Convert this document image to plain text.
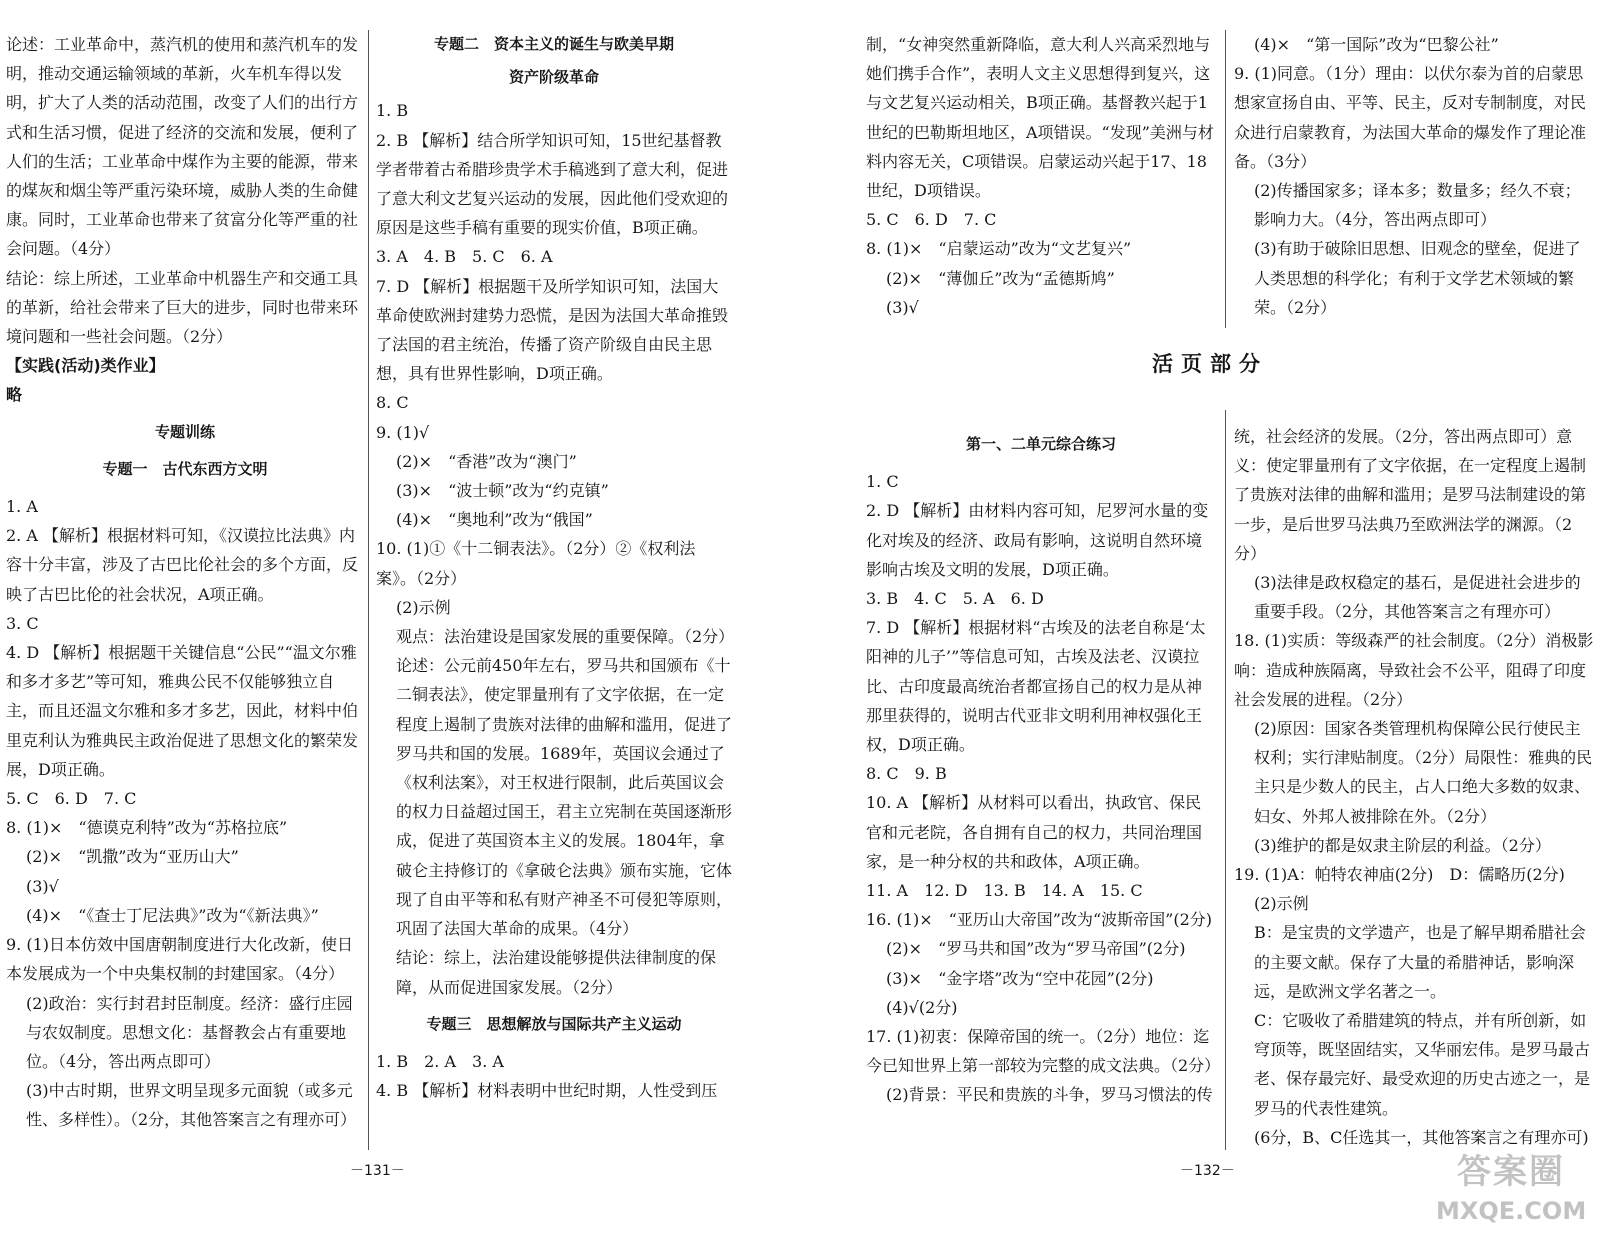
论述：工业革命中，蒸汽机的使用和蒸汽机车的发明，推动交通运输领域的革新，火车机车得以发明，扩大了人类的活动范围，改变了人们的出行方式和生活习惯，促进了经济的交流和发展，便利了人们的生活；工业革命中煤作为主要的能源，带来的煤灰和烟尘等严重污染环境，威胁人类的生命健康。同时，工业革命也带来了贫富分化等严重的社会问题。（4分）

结论：综上所述，工业革命中机器生产和交通工具的革新，给社会带来了巨大的进步，同时也带来环境问题和一些社会问题。（2分）

【实践(活动)类作业】

略

专题训练

专题一　古代东西方文明

1. A

2. A 【解析】根据材料可知，《汉谟拉比法典》内容十分丰富，涉及了古巴比伦社会的多个方面，反映了古巴比伦的社会状况，A项正确。

3. C

4. D 【解析】根据题干关键信息“公民”“温文尔雅和多才多艺”等可知，雅典公民不仅能够独立自主，而且还温文尔雅和多才多艺，因此，材料中伯里克利认为雅典民主政治促进了思想文化的繁荣发展，D项正确。

5. C　6. D　7. C

8. (1)×　“德谟克利特”改为“苏格拉底”

(2)×　“凯撒”改为“亚历山大”

(3)√

(4)×　“《查士丁尼法典》”改为“《新法典》”

9. (1)日本仿效中国唐朝制度进行大化改新，使日本发展成为一个中央集权制的封建国家。（4分）

(2)政治：实行封君封臣制度。经济：盛行庄园与农奴制度。思想文化：基督教会占有重要地位。（4分，答出两点即可）

(3)中古时期，世界文明呈现多元面貌（或多元性、多样性）。（2分，其他答案言之有理亦可）

专题二　资本主义的诞生与欧美早期

资产阶级革命

1. B

2. B 【解析】结合所学知识可知，15世纪基督教学者带着古希腊珍贵学术手稿逃到了意大利，促进了意大利文艺复兴运动的发展，因此他们受欢迎的原因是这些手稿有重要的现实价值，B项正确。

3. A　4. B　5. C　6. A

7. D 【解析】根据题干及所学知识可知，法国大革命使欧洲封建势力恐慌，是因为法国大革命推毁了法国的君主统治，传播了资产阶级自由民主思想，具有世界性影响，D项正确。

8. C

9. (1)√

(2)×　“香港”改为“澳门”

(3)×　“波士顿”改为“约克镇”

(4)×　“奥地利”改为“俄国”

10. (1)①《十二铜表法》。（2分）②《权利法案》。（2分）

(2)示例

观点：法治建设是国家发展的重要保障。（2分）

论述：公元前450年左右，罗马共和国颁布《十二铜表法》，使定罪量刑有了文字依据，在一定程度上遏制了贵族对法律的曲解和滥用，促进了罗马共和国的发展。1689年，英国议会通过了《权利法案》，对王权进行限制，此后英国议会的权力日益超过国王，君主立宪制在英国逐渐形成，促进了英国资本主义的发展。1804年，拿破仑主持修订的《拿破仑法典》颁布实施，它体现了自由平等和私有财产神圣不可侵犯等原则，巩固了法国大革命的成果。（4分）

结论：综上，法治建设能够提供法律制度的保障，从而促进国家发展。（2分）

专题三　思想解放与国际共产主义运动

1. B　2. A　3. A

4. B 【解析】材料表明中世纪时期，人性受到压

制，“女神突然重新降临，意大利人兴高采烈地与她们携手合作”，表明人文主义思想得到复兴，这与文艺复兴运动相关，B项正确。基督教兴起于1世纪的巴勒斯坦地区，A项错误。“发现”美洲与材料内容无关，C项错误。启蒙运动兴起于17、18世纪，D项错误。

5. C　6. D　7. C

8. (1)×　“启蒙运动”改为“文艺复兴”

(2)×　“薄伽丘”改为“孟德斯鸠”

(3)√

(4)×　“第一国际”改为“巴黎公社”

9. (1)同意。（1分）理由：以伏尔泰为首的启蒙思想家宣扬自由、平等、民主，反对专制制度，对民众进行启蒙教育，为法国大革命的爆发作了理论准备。（3分）

(2)传播国家多；译本多；数量多；经久不衰；影响力大。（4分，答出两点即可）

(3)有助于破除旧思想、旧观念的壁垒，促进了人类思想的科学化；有利于文学艺术领域的繁荣。（2分）

活页部分

第一、二单元综合练习

1. C

2. D 【解析】由材料内容可知，尼罗河水量的变化对埃及的经济、政局有影响，这说明自然环境影响古埃及文明的发展，D项正确。

3. B　4. C　5. A　6. D

7. D 【解析】根据材料“古埃及的法老自称是‘太阳神的儿子’”等信息可知，古埃及法老、汉谟拉比、古印度最高统治者都宣扬自己的权力是从神那里获得的，说明古代亚非文明利用神权强化王权，D项正确。

8. C　9. B

10. A 【解析】从材料可以看出，执政官、保民官和元老院，各自拥有自己的权力，共同治理国家，是一种分权的共和政体，A项正确。

11. A　12. D　13. B　14. A　15. C

16. (1)×　“亚历山大帝国”改为“波斯帝国”(2分)

(2)×　“罗马共和国”改为“罗马帝国”(2分)

(3)×　“金字塔”改为“空中花园”(2分)

(4)√(2分)

17. (1)初衷：保障帝国的统一。（2分）地位：迄今已知世界上第一部较为完整的成文法典。（2分）

(2)背景：平民和贵族的斗争，罗马习惯法的传

统，社会经济的发展。（2分，答出两点即可）意义：使定罪量刑有了文字依据，在一定程度上遏制了贵族对法律的曲解和滥用；是罗马法制建设的第一步，是后世罗马法典乃至欧洲法学的渊源。（2分）

(3)法律是政权稳定的基石，是促进社会进步的重要手段。（2分，其他答案言之有理亦可）

18. (1)实质：等级森严的社会制度。（2分）消极影响：造成种族隔离，导致社会不公平，阻碍了印度社会发展的进程。（2分）

(2)原因：国家各类管理机构保障公民行使民主权利；实行津贴制度。（2分）局限性：雅典的民主只是少数人的民主，占人口绝大多数的奴隶、妇女、外邦人被排除在外。（2分）

(3)维护的都是奴隶主阶层的利益。（2分）

19. (1)A：帕特农神庙(2分)　D：儒略历(2分)

(2)示例

B：是宝贵的文学遗产，也是了解早期希腊社会的主要文献。保存了大量的希腊神话，影响深远，是欧洲文学名著之一。

C：它吸收了希腊建筑的特点，并有所创新，如穹顶等，既坚固结实，又华丽宏伟。是罗马最古老、保存最完好、最受欢迎的历史古迹之一，是罗马的代表性建筑。

(6分，B、C任选其一，其他答案言之有理亦可)

－131－	－132－	答案圈
MXQE.COM
